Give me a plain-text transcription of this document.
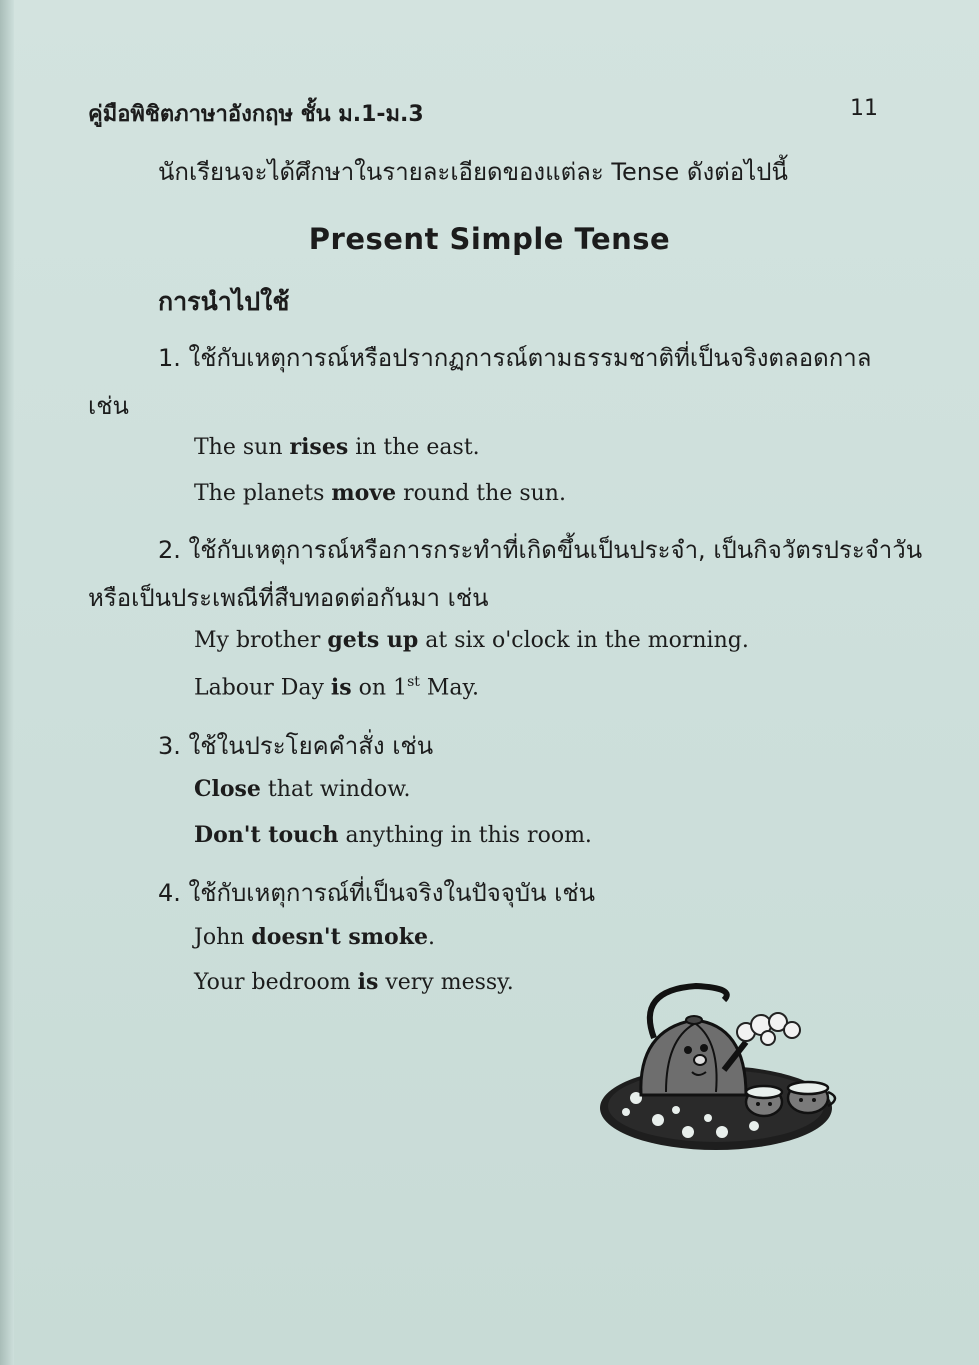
คู่มือพิชิตภาษาอังกฤษ ชั้น ม.1-ม.3	11
นักเรียนจะได้ศึกษาในรายละเอียดของแต่ละ Tense ดังต่อไปนี้
Present Simple Tense
การนำไปใช้
1. ใช้กับเหตุการณ์หรือปรากฏการณ์ตามธรรมชาติที่เป็นจริงตลอดกาล
เช่น
The sun rises in the east.
The planets move round the sun.
2. ใช้กับเหตุการณ์หรือการกระทำที่เกิดขึ้นเป็นประจำ, เป็นกิจวัตรประจำวัน
หรือเป็นประเพณีที่สืบทอดต่อกันมา เช่น
My brother gets up at six o'clock in the morning.
Labour Day is on 1st May.
3. ใช้ในประโยคคำสั่ง เช่น
Close that window.
Don't touch anything in this room.
4. ใช้กับเหตุการณ์ที่เป็นจริงในปัจจุบัน เช่น
John doesn't smoke.
Your bedroom is very messy.
